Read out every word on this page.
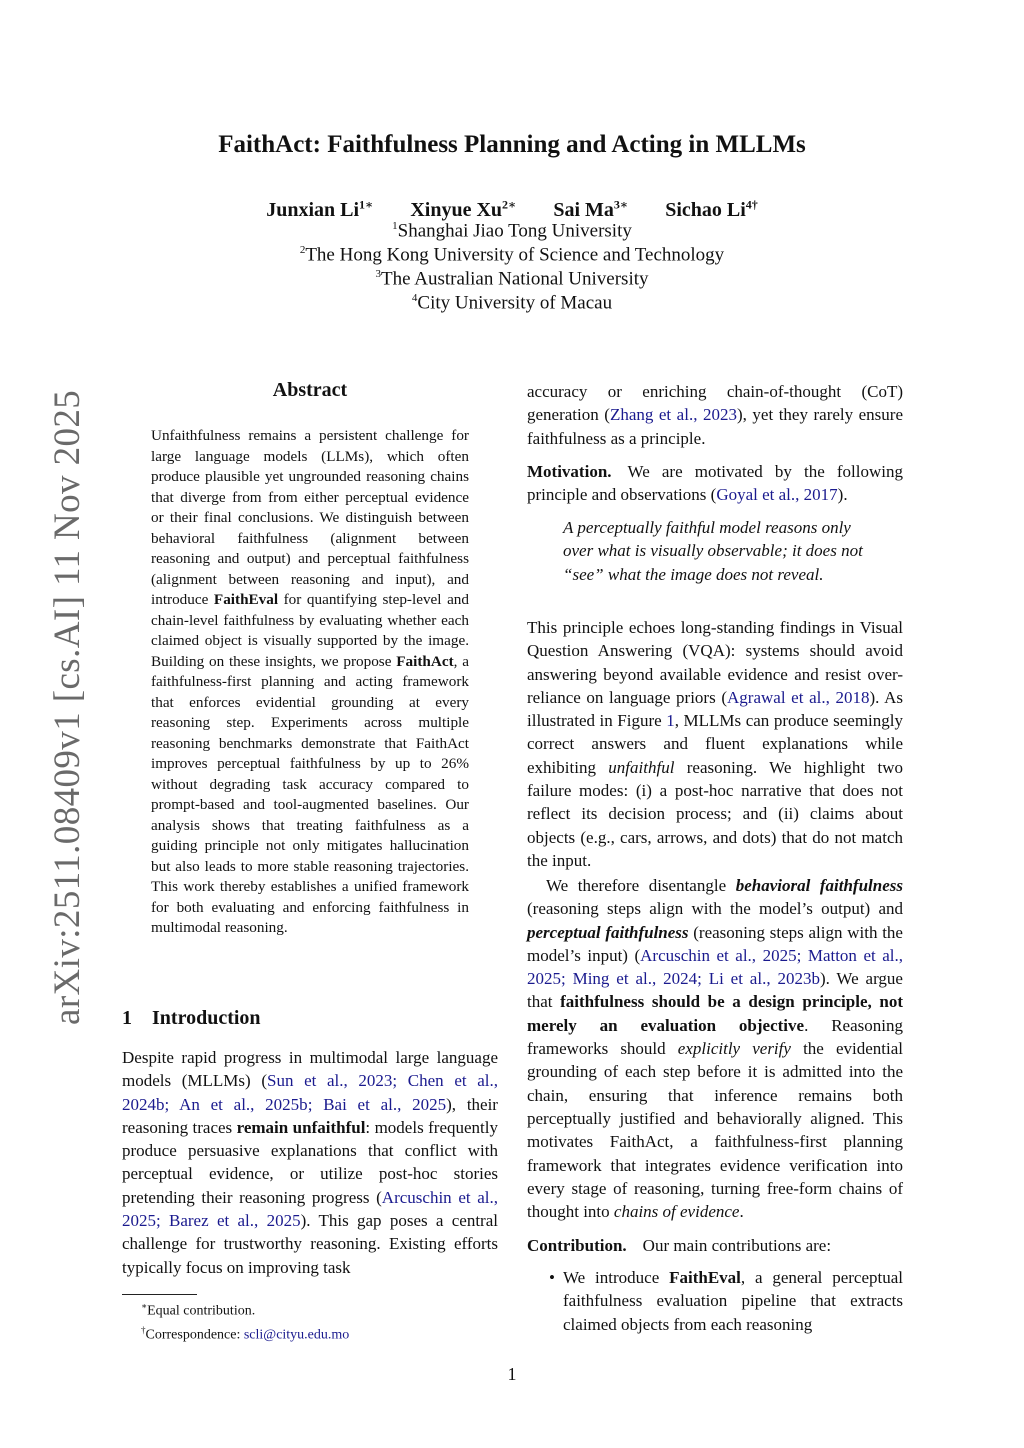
arXiv:2511.08409v1 [cs.AI] 11 Nov 2025
FaithAct: Faithfulness Planning and Acting in MLLMs
Junxian $Li^{1∗}$ Xinyue $Xu^{2∗}$ Sai $Ma^{3∗}$ Sichao $Li^{4\dagger}$
$^1$Shanghai Jiao Tong University
$^2$The Hong Kong University of Science and Technology
$^3$The Australian National University
$^4$City University of Macau
Abstract
Unfaithfulness remains a persistent challenge for large language models (LLMs), which often produce plausible yet ungrounded reasoning chains that diverge from from either perceptual evidence or their final conclusions. We distinguish between behavioral faithfulness (alignment between reasoning and output) and perceptual faithfulness (alignment between reasoning and input), and introduce FaithEval for quantifying step-level and chain-level faithfulness by evaluating whether each claimed object is visually supported by the image. Building on these insights, we propose FaithAct, a faithfulness-first planning and acting framework that enforces evidential grounding at every reasoning step. Experiments across multiple reasoning benchmarks demonstrate that FaithAct improves perceptual faithfulness by up to 26% without degrading task accuracy compared to prompt-based and tool-augmented baselines. Our analysis shows that treating faithfulness as a guiding principle not only mitigates hallucination but also leads to more stable reasoning trajectories. This work thereby establishes a unified framework for both evaluating and enforcing faithfulness in multimodal reasoning.
1 Introduction
Despite rapid progress in multimodal large language models (MLLMs) (Sun et al., 2023; Chen et al., 2024b; An et al., 2025b; Bai et al., 2025), their reasoning traces remain unfaithful: models frequently produce persuasive explanations that conflict with perceptual evidence, or utilize post-hoc stories pretending their reasoning progress (Arcuschin et al., 2025; Barez et al., 2025). This gap poses a central challenge for trustworthy reasoning. Existing efforts typically focus on improving task
accuracy or enriching chain-of-thought (CoT) generation (Zhang et al., 2023), yet they rarely ensure faithfulness as a principle.
Motivation. We are motivated by the following principle and observations (Goyal et al., 2017).
A perceptually faithful model reasons only over what is visually observable; it does not “see” what the image does not reveal.
This principle echoes long-standing findings in Visual Question Answering (VQA): systems should avoid answering beyond available evidence and resist over-reliance on language priors (Agrawal et al., 2018). As illustrated in Figure 1, MLLMs can produce seemingly correct answers and fluent explanations while exhibiting unfaithful reasoning. We highlight two failure modes: (i) a post-hoc narrative that does not reflect its decision process; and (ii) claims about objects (e.g., cars, arrows, and dots) that do not match the input.
We therefore disentangle behavioral faithfulness (reasoning steps align with the model’s output) and perceptual faithfulness (reasoning steps align with the model’s input) (Arcuschin et al., 2025; Matton et al., 2025; Ming et al., 2024; Li et al., 2023b). We argue that faithfulness should be a design principle, not merely an evaluation objective. Reasoning frameworks should explicitly verify the evidential grounding of each step before it is admitted into the chain, ensuring that inference remains both perceptually justified and behaviorally aligned. This motivates FaithAct, a faithfulness-first planning framework that integrates evidence verification into every stage of reasoning, turning free-form chains of thought into chains of evidence.
Contribution. Our main contributions are:
• We introduce FaithEval, a general perceptual faithfulness evaluation pipeline that extracts claimed objects from each reasoning
∗Equal contribution.
†Correspondence: scli@cityu.edu.mo
1
